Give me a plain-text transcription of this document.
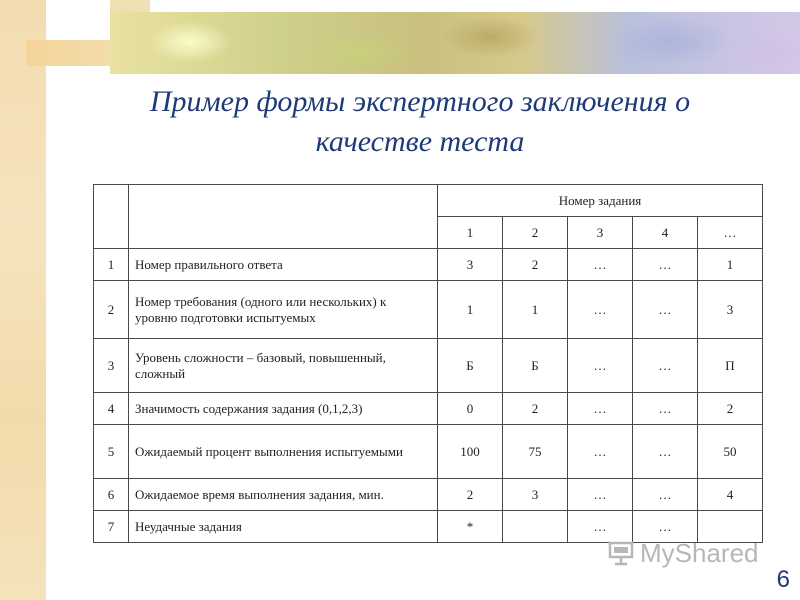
Пример формы экспертного заключения о
качестве теста
		Номер задания				
		1	2	3	4	…
1	Номер правильного ответа	3	2	…	…	1
2	Номер требования (одного или нескольких) к уровню подготовки испытуемых	1	1	…	…	3
3	Уровень сложности – базовый, повышенный, сложный	Б	Б	…	…	П
4	Значимость содержания задания (0,1,2,3)	0	2	…	…	2
5	Ожидаемый процент выполнения испытуемыми	100	75	…	…	50
6	Ожидаемое время выполнения задания, мин.	2	3	…	…	4
7	Неудачные задания	*		…	…	
MyShared
6
